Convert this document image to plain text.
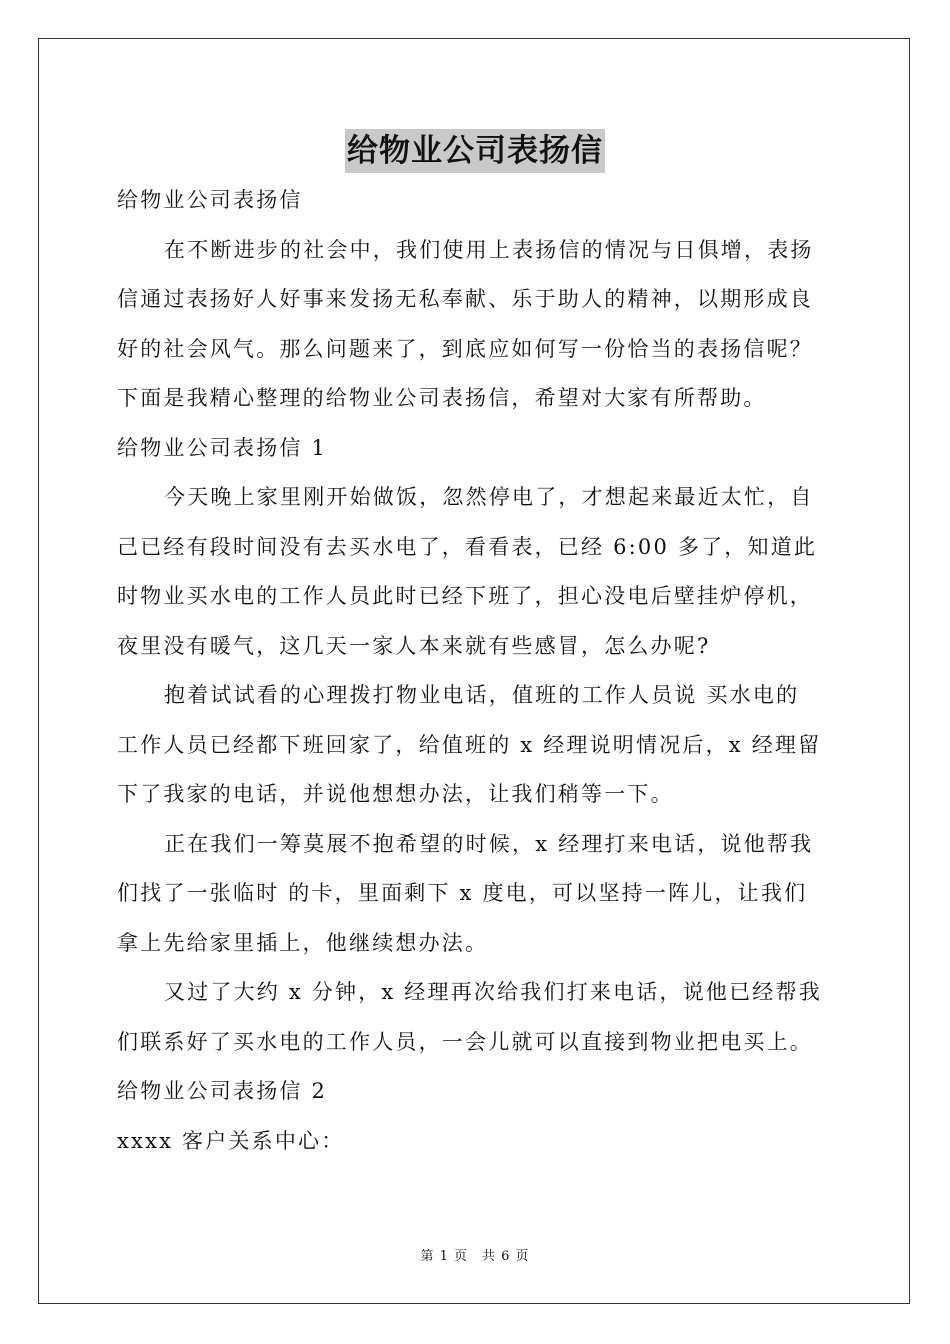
给物业公司表扬信

给物业公司表扬信

在不断进步的社会中，我们使用上表扬信的情况与日俱增，表扬

信通过表扬好人好事来发扬无私奉献、乐于助人的精神，以期形成良

好的社会风气。那么问题来了，到底应如何写一份恰当的表扬信呢？

下面是我精心整理的给物业公司表扬信，希望对大家有所帮助。

给物业公司表扬信 1

今天晚上家里刚开始做饭，忽然停电了，才想起来最近太忙，自

己已经有段时间没有去买水电了，看看表，已经 6:00 多了，知道此

时物业买水电的工作人员此时已经下班了，担心没电后壁挂炉停机，

夜里没有暖气，这几天一家人本来就有些感冒，怎么办呢?

抱着试试看的心理拨打物业电话，值班的工作人员说 买水电的

工作人员已经都下班回家了，给值班的 x 经理说明情况后，x 经理留

下了我家的电话，并说他想想办法，让我们稍等一下。

正在我们一筹莫展不抱希望的时候，x 经理打来电话，说他帮我

们找了一张临时 的卡，里面剩下 x 度电，可以坚持一阵儿，让我们

拿上先给家里插上，他继续想办法。

又过了大约 x 分钟，x 经理再次给我们打来电话，说他已经帮我

们联系好了买水电的工作人员，一会儿就可以直接到物业把电买上。

给物业公司表扬信 2

xxxx 客户关系中心：

第 1 页　共 6 页
